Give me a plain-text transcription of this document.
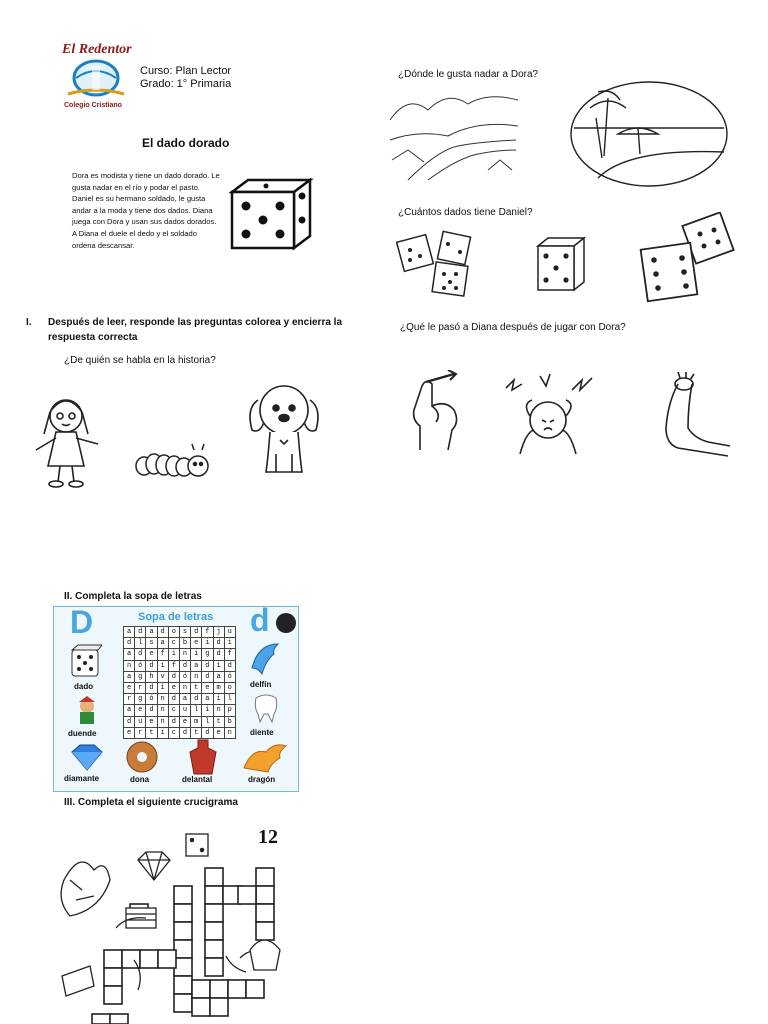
El Redentor
Colegio Cristiano
Curso: Plan Lector
Grado: 1° Primaria
El dado dorado
Dora es modista y tiene un dado dorado. Le gusta nadar en el río y podar el pasto. Daniel es su hermano soldado, le gusta andar a la moda y tiene dos dados. Diana juega con Dora y usan sus dados dorados. A Diana el duele el dedo y el soldado ordena descansar.
I. Después de leer, responde las preguntas colorea y encierra la
respuesta correcta
¿De quién se habla en la historia?
¿Dónde le gusta nadar a Dora?
¿Cuántos dados tiene Daniel?
¿Qué le pasó a Diana después de jugar con Dora?
II. Completa la sopa de letras
Sopa de letras
D	d
a	d	a	d	o	s	d	f	j	u
d	l	s	a	c	b	e	i	d	i
a	d	e	f	i	n	i	g	d	f
n	ó	d	í	f	d	a	d	i	d
a	g	h	v	d	ó	n	d	a	ó
e	r	d	i	e	n	t	e	m	o
r	g	ó	n	d	a	d	a	i	l
a	e	d	n	c	u	l	i	n	p
d	u	e	n	d	e	m	l	t	b
e	r	t	í	c	d	t	d	e	n
dado
duende
diamante
delfín
diente
dragón
dona	delantal
III. Completa el siguiente crucigrama
12
